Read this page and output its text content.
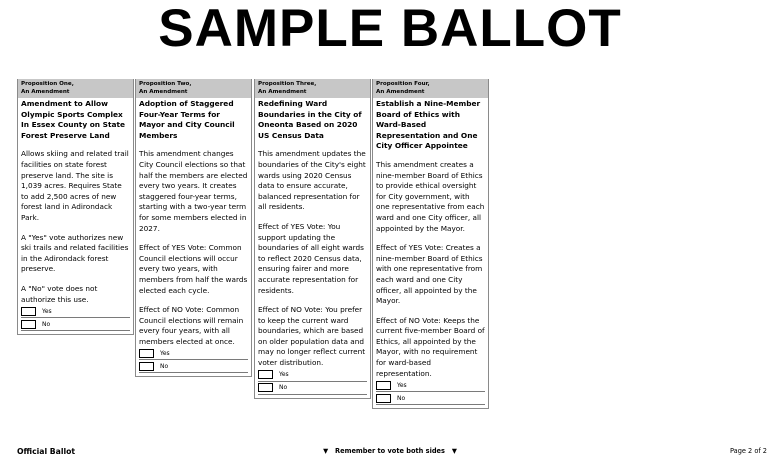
SAMPLE BALLOT
Proposition One,
An Amendment
Amendment to Allow Olympic Sports Complex In Essex County on State Forest Preserve Land

Allows skiing and related trail facilities on state forest preserve land. The site is 1,039 acres. Requires State to add 2,500 acres of new forest land in Adirondack Park.

A "Yes" vote authorizes new ski trails and related facilities in the Adirondack forest preserve.

A "No" vote does not authorize this use.

Yes
No
Proposition Two,
An Amendment
Adoption of Staggered Four-Year Terms for Mayor and City Council Members

This amendment changes City Council elections so that half the members are elected every two years. It creates staggered four-year terms, starting with a two-year term for some members elected in 2027.

Effect of YES Vote: Common Council elections will occur every two years, with members from half the wards elected each cycle.

Effect of NO Vote: Common Council elections will remain every four years, with all members elected at once.

Yes
No
Proposition Three,
An Amendment
Redefining Ward Boundaries in the City of Oneonta Based on 2020 US Census Data

This amendment updates the boundaries of the City's eight wards using 2020 Census data to ensure accurate, balanced representation for all residents.

Effect of YES Vote: You support updating the boundaries of all eight wards to reflect 2020 Census data, ensuring fairer and more accurate representation for residents.

Effect of NO Vote: You prefer to keep the current ward boundaries, which are based on older population data and may no longer reflect current voter distribution.

Yes
No
Proposition Four,
An Amendment
Establish a Nine-Member Board of Ethics with Ward-Based Representation and One City Officer Appointee

This amendment creates a nine-member Board of Ethics to provide ethical oversight for City government, with one representative from each ward and one City officer, all appointed by the Mayor.

Effect of YES Vote: Creates a nine-member Board of Ethics with one representative from each ward and one City officer, all appointed by the Mayor.

Effect of NO Vote: Keeps the current five-member Board of Ethics, all appointed by the Mayor, with no requirement for ward-based representation.

Yes
No
Official Ballot	▼ Remember to vote both sides ▼	Page 2 of 2
